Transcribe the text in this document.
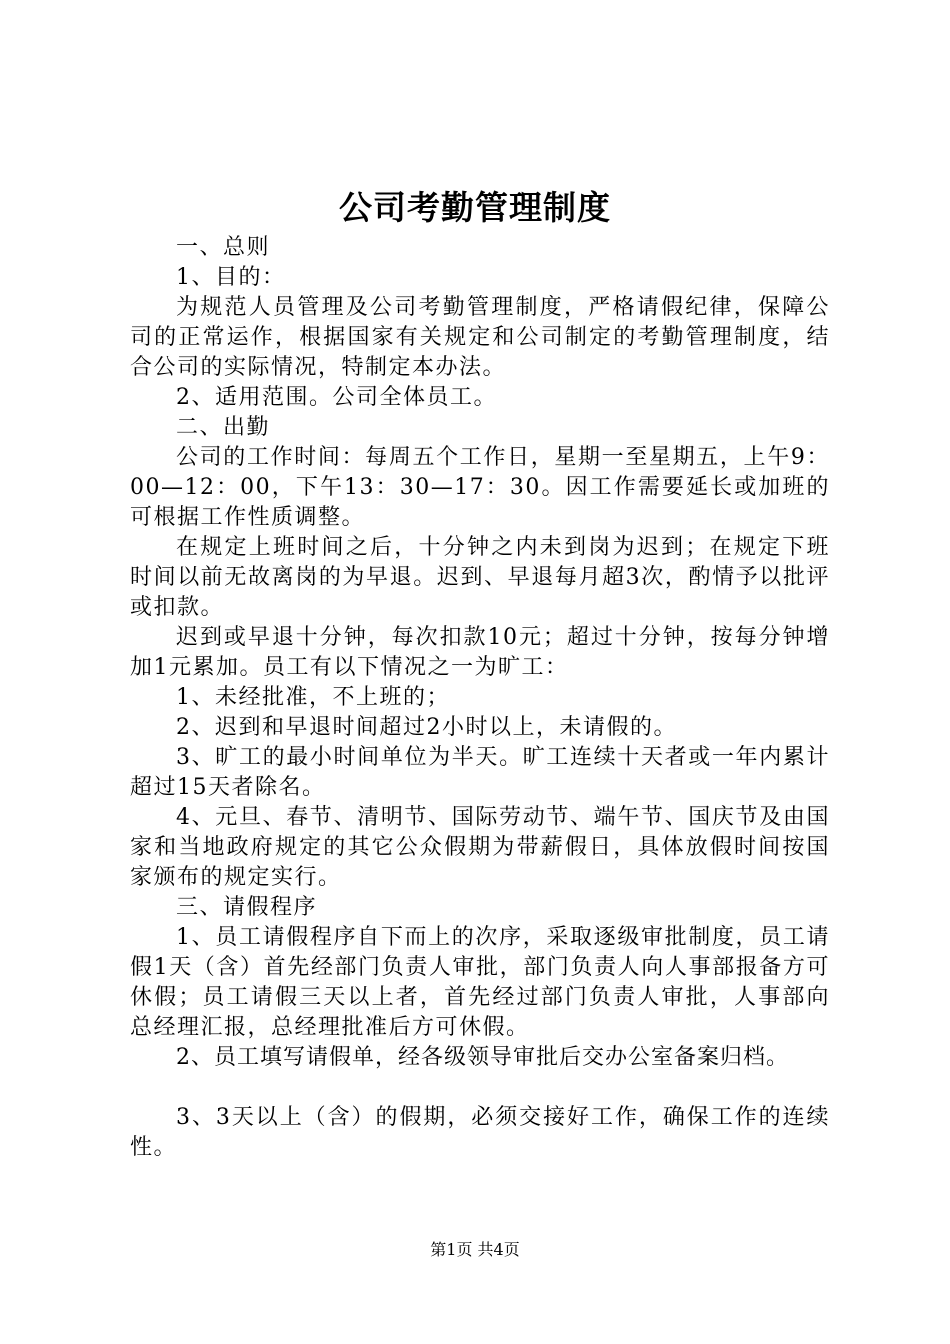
公司考勤管理制度

一、总则

1、目的：

为规范人员管理及公司考勤管理制度，严格请假纪律，保障公司的正常运作，根据国家有关规定和公司制定的考勤管理制度，结合公司的实际情况，特制定本办法。

2、适用范围。公司全体员工。

二、出勤

公司的工作时间：每周五个工作日，星期一至星期五，上午9：00—12：00，下午13：30—17：30。因工作需要延长或加班的可根据工作性质调整。

在规定上班时间之后，十分钟之内未到岗为迟到；在规定下班时间以前无故离岗的为早退。迟到、早退每月超3次，酌情予以批评或扣款。

迟到或早退十分钟，每次扣款10元；超过十分钟，按每分钟增加1元累加。员工有以下情况之一为旷工：

1、未经批准，不上班的；

2、迟到和早退时间超过2小时以上，未请假的。

3、旷工的最小时间单位为半天。旷工连续十天者或一年内累计超过15天者除名。

4、元旦、春节、清明节、国际劳动节、端午节、国庆节及由国家和当地政府规定的其它公众假期为带薪假日，具体放假时间按国家颁布的规定实行。

三、请假程序

1、员工请假程序自下而上的次序，采取逐级审批制度，员工请假1天（含）首先经部门负责人审批，部门负责人向人事部报备方可休假；员工请假三天以上者，首先经过部门负责人审批，人事部向总经理汇报，总经理批准后方可休假。

2、员工填写请假单，经各级领导审批后交办公室备案归档。

3、3天以上（含）的假期，必须交接好工作，确保工作的连续性。

第1页 共4页
